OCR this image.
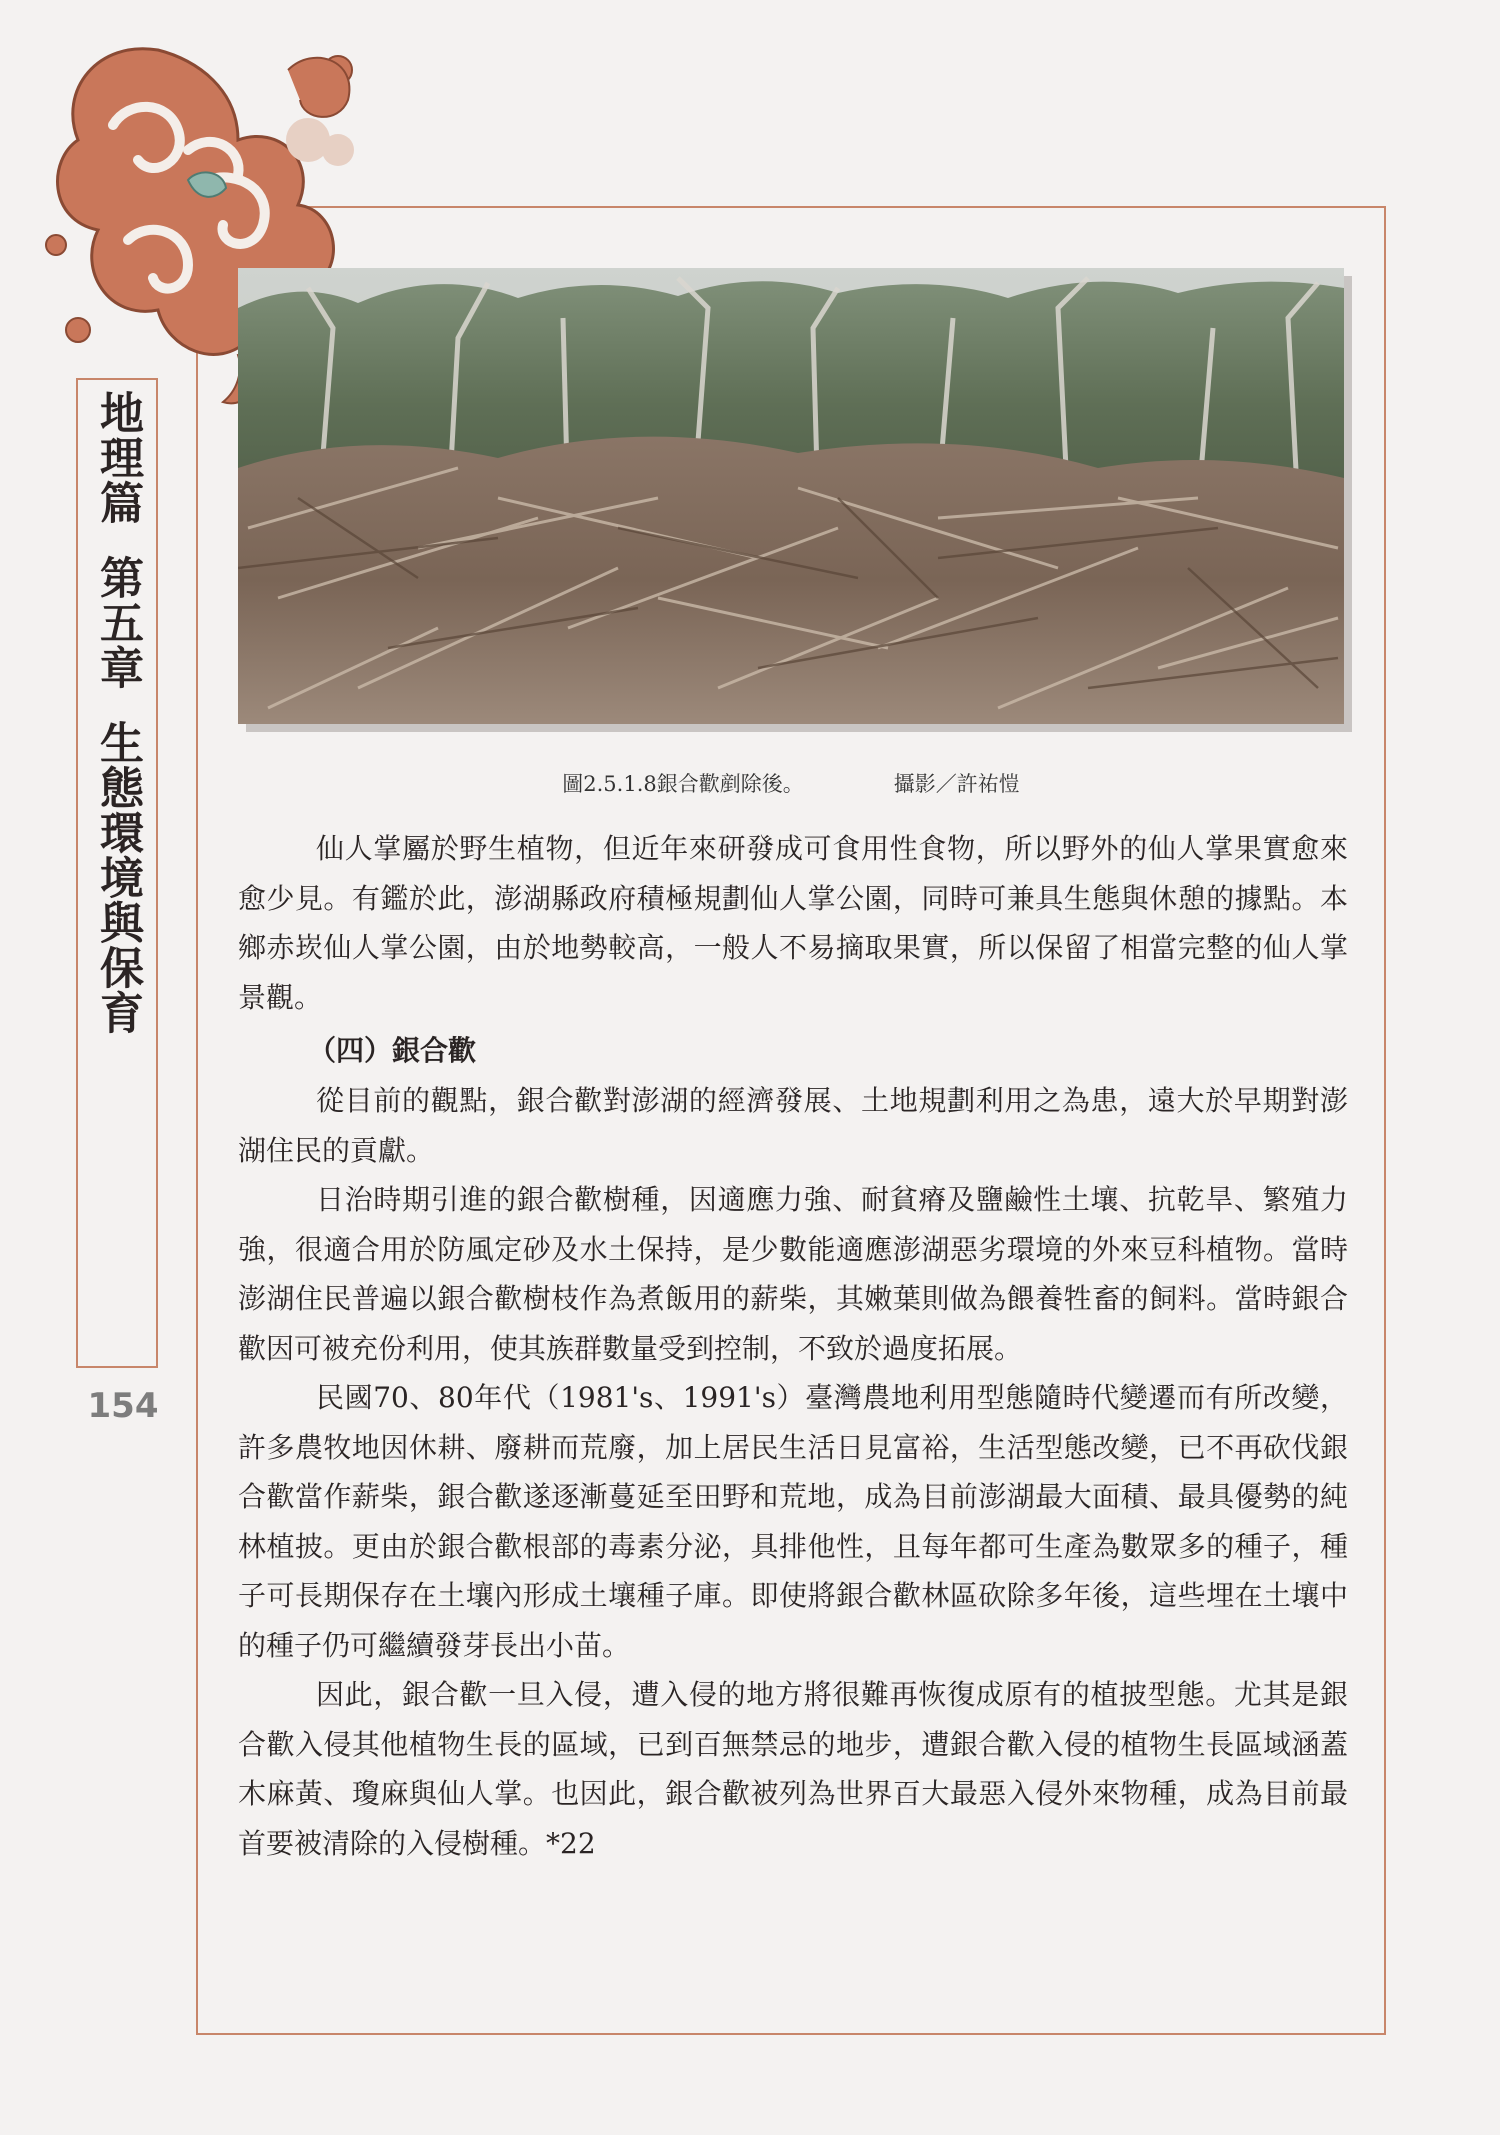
地理篇第五章生態環境與保育
154
圖2.5.1.8銀合歡剷除後。	攝影／許祐愷

仙人掌屬於野生植物，但近年來研發成可食用性食物，所以野外的仙人掌果實愈來愈少見。有鑑於此，澎湖縣政府積極規劃仙人掌公園，同時可兼具生態與休憩的據點。本鄉赤崁仙人掌公園，由於地勢較高，一般人不易摘取果實，所以保留了相當完整的仙人掌景觀。

（四）銀合歡

從目前的觀點，銀合歡對澎湖的經濟發展、土地規劃利用之為患，遠大於早期對澎湖住民的貢獻。

日治時期引進的銀合歡樹種，因適應力強、耐貧瘠及鹽鹼性土壤、抗乾旱、繁殖力強，很適合用於防風定砂及水土保持，是少數能適應澎湖惡劣環境的外來豆科植物。當時澎湖住民普遍以銀合歡樹枝作為煮飯用的薪柴，其嫩葉則做為餵養牲畜的飼料。當時銀合歡因可被充份利用，使其族群數量受到控制，不致於過度拓展。

民國70、80年代（1981's、1991's）臺灣農地利用型態隨時代變遷而有所改變，許多農牧地因休耕、廢耕而荒廢，加上居民生活日見富裕，生活型態改變，已不再砍伐銀合歡當作薪柴，銀合歡遂逐漸蔓延至田野和荒地，成為目前澎湖最大面積、最具優勢的純林植披。更由於銀合歡根部的毒素分泌，具排他性，且每年都可生產為數眾多的種子，種子可長期保存在土壤內形成土壤種子庫。即使將銀合歡林區砍除多年後，這些埋在土壤中的種子仍可繼續發芽長出小苗。

因此，銀合歡一旦入侵，遭入侵的地方將很難再恢復成原有的植披型態。尤其是銀合歡入侵其他植物生長的區域，已到百無禁忌的地步，遭銀合歡入侵的植物生長區域涵蓋木麻黃、瓊麻與仙人掌。也因此，銀合歡被列為世界百大最惡入侵外來物種，成為目前最首要被清除的入侵樹種。*22
